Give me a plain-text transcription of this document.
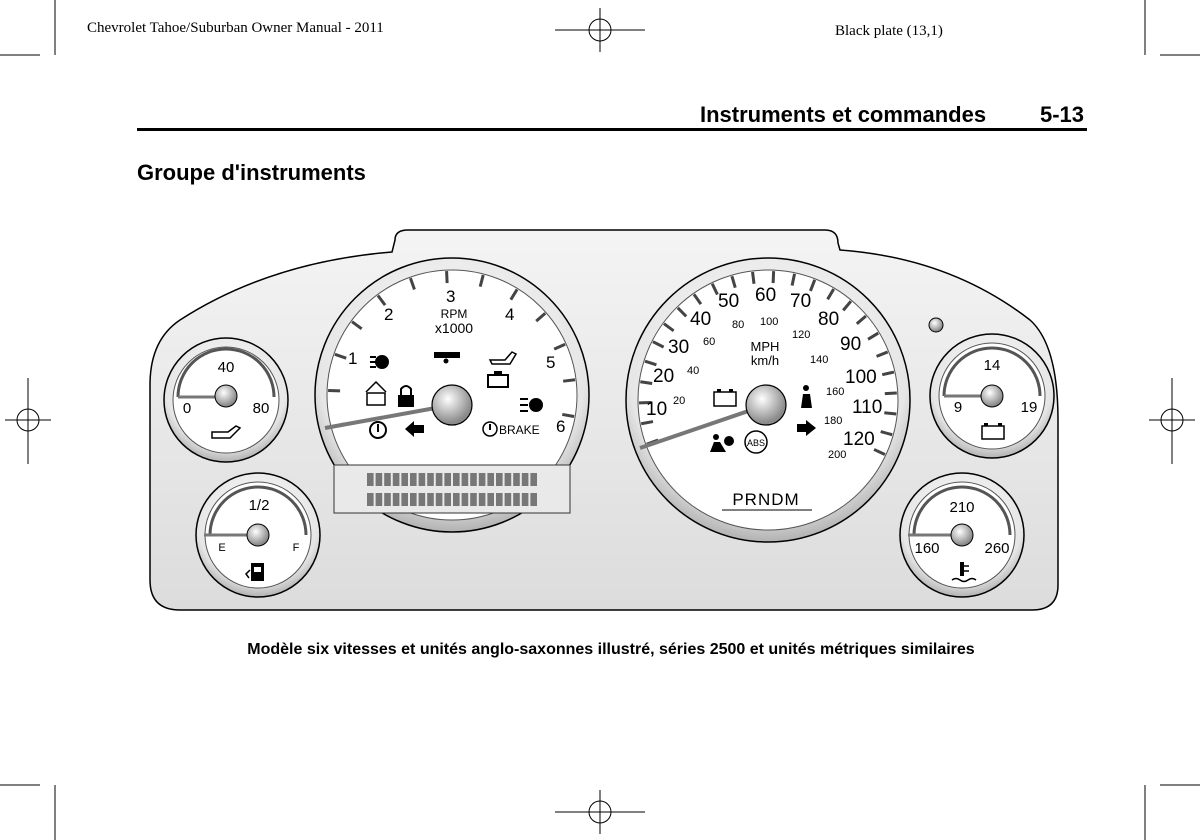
Chevrolet Tahoe/Suburban Owner Manual - 2011	Black plate (13,1)
Instruments et commandes 5-13
Groupe d'instruments
1
2
3
4
5
6
RPM
x1000
BRAKE
10
20
30
40
50 60 70
80
90
100
110
120
20
40
60
80 100
120
140
160
180
200
MPH
km/h
ABS
PRNDM
40
0	80
1/2
E	F
14
9	19
210
160	260
Modèle six vitesses et unités anglo-saxonnes illustré, séries 2500 et unités métriques similaires
